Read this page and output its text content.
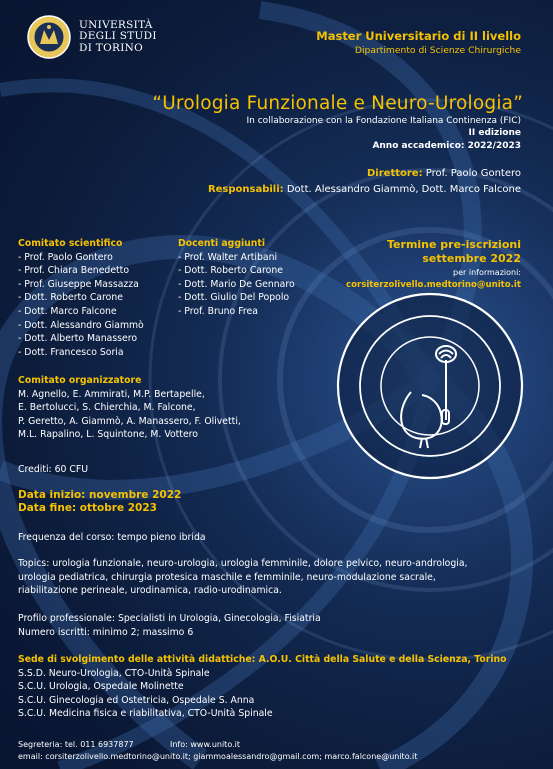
UNIVERSITÀ
DEGLI STUDI
DI TORINO
Master Universitario di II livello
Dipartimento di Scienze Chirurgiche
“Urologia Funzionale e Neuro-Urologia”
In collaborazione con la Fondazione Italiana Continenza (FIC)
II edizione
Anno accademico: 2022/2023
Direttore: Prof. Paolo Gontero
Responsabili: Dott. Alessandro Giammò, Dott. Marco Falcone
Comitato scientifico
- Prof. Paolo Gontero
- Prof. Chiara Benedetto
- Prof. Giuseppe Massazza
- Dott. Roberto Carone
- Dott. Marco Falcone
- Dott. Alessandro Giammò
- Dott. Alberto Manassero
- Dott. Francesco Soria
Docenti aggiunti
- Prof. Walter Artibani
- Dott. Roberto Carone
- Dott. Mario De Gennaro
- Dott. Giulio Del Popolo
- Prof. Bruno Frea
Termine pre-iscrizioni
settembre 2022
per informazioni:
corsiterzolivello.medtorino@unito.it
Comitato organizzatore
M. Agnello, E. Ammirati, M.P. Bertapelle,
E. Bertolucci, S. Chierchia, M. Falcone,
P. Geretto, A. Giammò, A. Manassero, F. Olivetti,
M.L. Rapalino, L. Squintone, M. Vottero
Crediti: 60 CFU
Data inizio: novembre 2022
Data fine: ottobre 2023
Frequenza del corso: tempo pieno ibrida
Topics: urologia funzionale, neuro-urologia, urologia femminile, dolore pelvico, neuro-andrologia,
urologia pediatrica, chirurgia protesica maschile e femminile, neuro-modulazione sacrale,
riabilitazione perineale, urodinamica, radio-urodinamica.
Profilo professionale: Specialisti in Urologia, Ginecologia, Fisiatria
Numero iscritti: minimo 2; massimo 6
Sede di svolgimento delle attività didattiche: A.O.U. Città della Salute e della Scienza, Torino
S.S.D. Neuro-Urologia, CTO-Unità Spinale
S.C.U. Urologia, Ospedale Molinette
S.C.U. Ginecologia ed Ostetricia, Ospedale S. Anna
S.C.U. Medicina fisica e riabilitativa, CTO-Unità Spinale
Segreteria: tel. 011 6937877	Info: www.unito.it
email: corsiterzolivello.medtorino@unito.it; giammoalessandro@gmail.com; marco.falcone@unito.it
